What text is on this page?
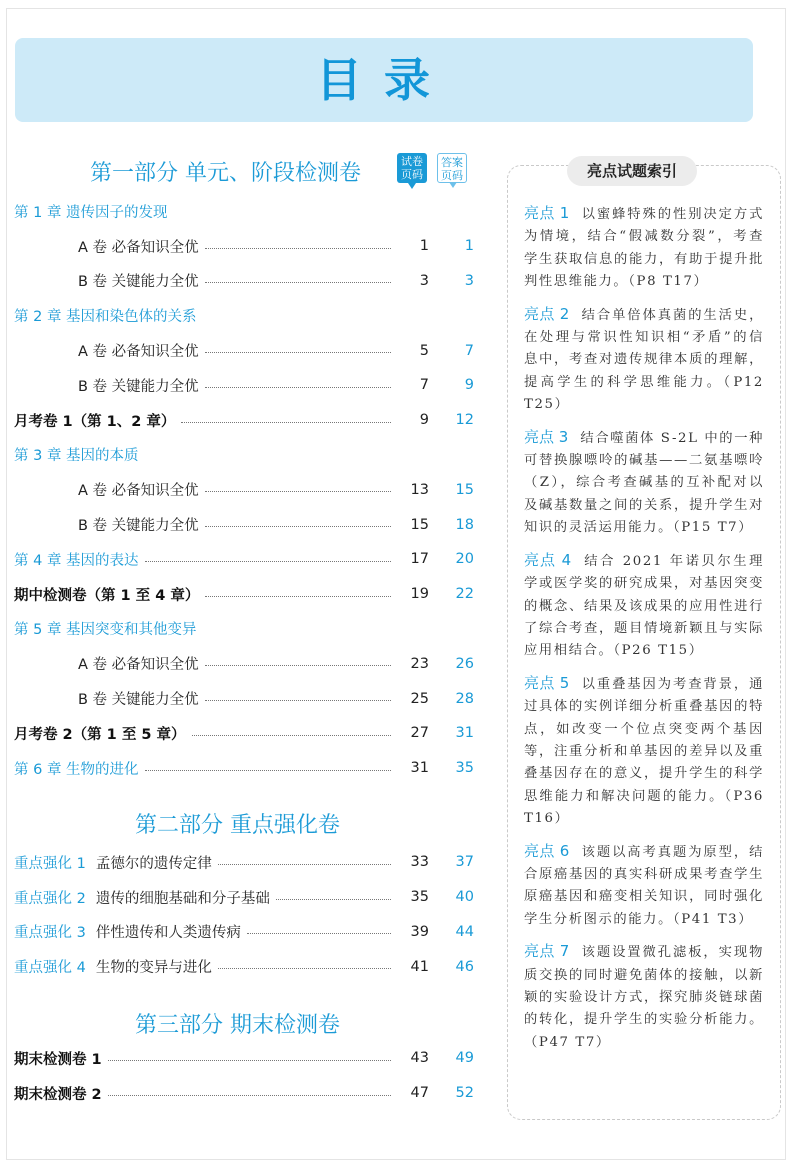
目录
第一部分 单元、阶段检测卷	试卷页码
答案页码
第 1 章 遗传因子的发现
A 卷 必备知识全优	1	1
B 卷 关键能力全优	3	3
第 2 章 基因和染色体的关系
A 卷 必备知识全优	5	7
B 卷 关键能力全优	7	9
月考卷 1（第 1、2 章）	9	12
第 3 章 基因的本质
A 卷 必备知识全优	13	15
B 卷 关键能力全优	15	18
第 4 章 基因的表达	17	20
期中检测卷（第 1 至 4 章）	19	22
第 5 章 基因突变和其他变异
A 卷 必备知识全优	23	26
B 卷 关键能力全优	25	28
月考卷 2（第 1 至 5 章）	27	31
第 6 章 生物的进化	31	35
第二部分 重点强化卷
重点强化 1 孟德尔的遗传定律	33	37
重点强化 2 遗传的细胞基础和分子基础	35	40
重点强化 3 伴性遗传和人类遗传病	39	44
重点强化 4 生物的变异与进化	41	46
第三部分 期末检测卷
期末检测卷 1	43	49
期末检测卷 2	47	52
亮点试题索引
亮点 1 以蜜蜂特殊的性别决定方式为情境，结合“假减数分裂”，考查学生获取信息的能力，有助于提升批判性思维能力。（P8 T17）
亮点 2 结合单倍体真菌的生活史，在处理与常识性知识相“矛盾”的信息中，考查对遗传规律本质的理解，提高学生的科学思维能力。（P12 T25）
亮点 3 结合噬菌体 S-2L 中的一种可替换腺嘌呤的碱基——二氨基嘌呤（Z），综合考查碱基的互补配对以及碱基数量之间的关系，提升学生对知识的灵活运用能力。（P15 T7）
亮点 4 结合 2021 年诺贝尔生理学或医学奖的研究成果，对基因突变的概念、结果及该成果的应用性进行了综合考查，题目情境新颖且与实际应用相结合。（P26 T15）
亮点 5 以重叠基因为考查背景，通过具体的实例详细分析重叠基因的特点，如改变一个位点突变两个基因等，注重分析和单基因的差异以及重叠基因存在的意义，提升学生的科学思维能力和解决问题的能力。（P36 T16）
亮点 6 该题以高考真题为原型，结合原癌基因的真实科研成果考查学生原癌基因和癌变相关知识，同时强化学生分析图示的能力。（P41 T3）
亮点 7 该题设置微孔滤板，实现物质交换的同时避免菌体的接触，以新颖的实验设计方式，探究肺炎链球菌的转化，提升学生的实验分析能力。（P47 T7）
